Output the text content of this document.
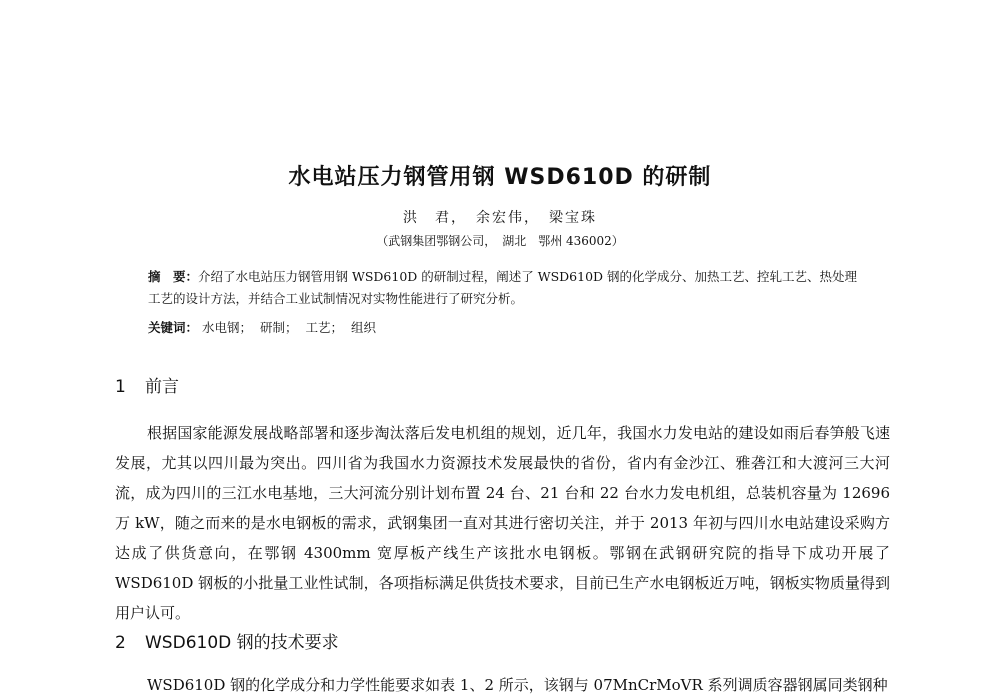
水电站压力钢管用钢 WSD610D 的研制
洪　君，　余宏伟，　梁宝珠
（武钢集团鄂钢公司，　湖北　鄂州 436002）
摘　要：介绍了水电站压力钢管用钢 WSD610D 的研制过程，阐述了 WSD610D 钢的化学成分、加热工艺、控轧工艺、热处理工艺的设计方法，并结合工业试制情况对实物性能进行了研究分析。
关键词： 水电钢； 研制； 工艺； 组织
1 前言
根据国家能源发展战略部署和逐步淘汰落后发电机组的规划，近几年，我国水力发电站的建设如雨后春笋般飞速发展，尤其以四川最为突出。四川省为我国水力资源技术发展最快的省份，省内有金沙江、雅砻江和大渡河三大河流，成为四川的三江水电基地，三大河流分别计划布置 24 台、21 台和 22 台水力发电机组，总装机容量为 12696 万 kW，随之而来的是水电钢板的需求，武钢集团一直对其进行密切关注，并于 2013 年初与四川水电站建设采购方达成了供货意向，在鄂钢 4300mm 宽厚板产线生产该批水电钢板。鄂钢在武钢研究院的指导下成功开展了 WSD610D 钢板的小批量工业性试制，各项指标满足供货技术要求，目前已生产水电钢板近万吨，钢板实物质量得到用户认可。
2 WSD610D 钢的技术要求
WSD610D 钢的化学成分和力学性能要求如表 1、2 所示，该钢与 07MnCrMoVR 系列调质容器钢属同类钢种
